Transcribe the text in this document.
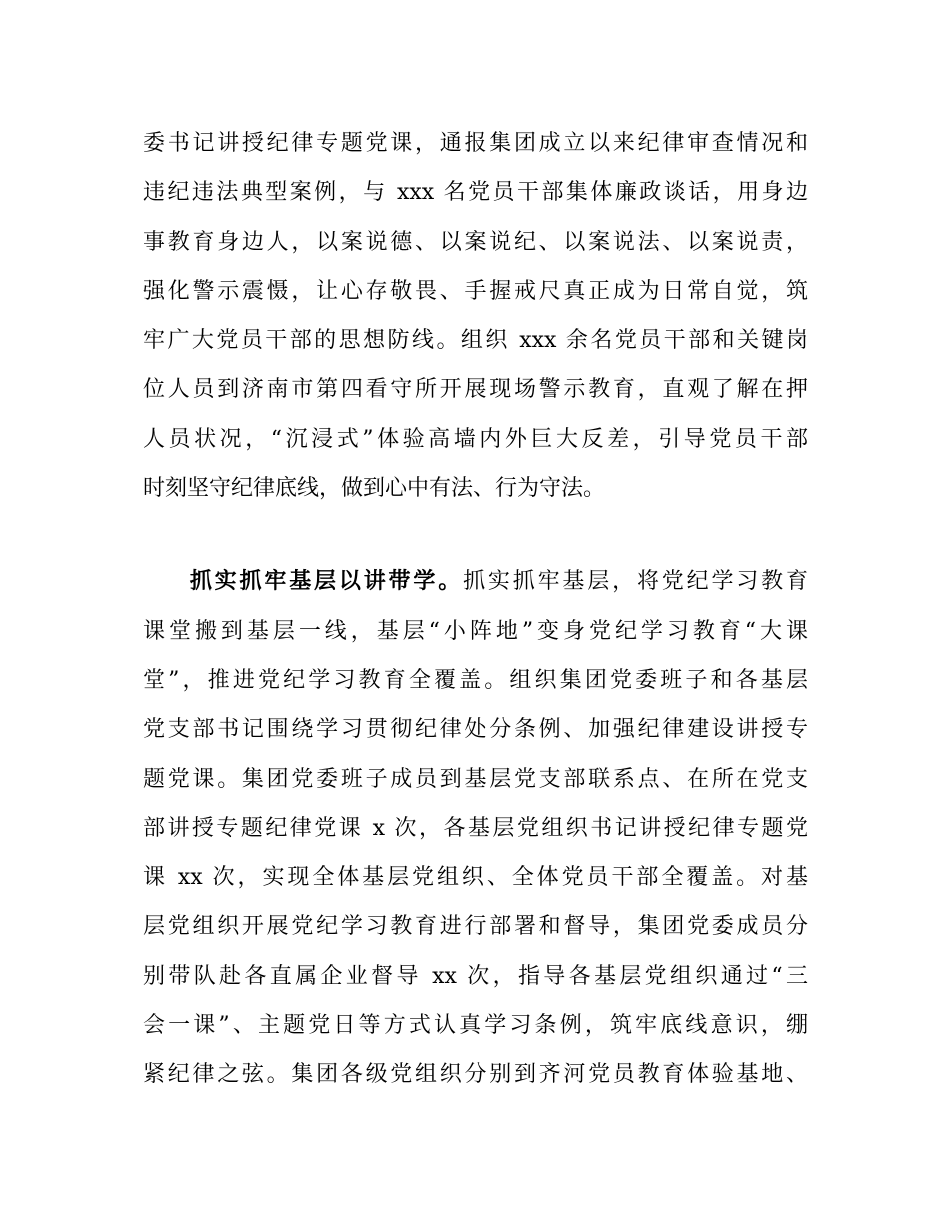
委书记讲授纪律专题党课，通报集团成立以来纪律审查情况和
违纪违法典型案例，与 xxx 名党员干部集体廉政谈话，用身边
事教育身边人，以案说德、以案说纪、以案说法、以案说责，
强化警示震慑，让心存敬畏、手握戒尺真正成为日常自觉，筑
牢广大党员干部的思想防线。组织 xxx 余名党员干部和关键岗
位人员到济南市第四看守所开展现场警示教育，直观了解在押
人员状况，“沉浸式”体验高墙内外巨大反差，引导党员干部
时刻坚守纪律底线，做到心中有法、行为守法。
抓实抓牢基层以讲带学。抓实抓牢基层，将党纪学习教育
课堂搬到基层一线，基层“小阵地”变身党纪学习教育“大课
堂”，推进党纪学习教育全覆盖。组织集团党委班子和各基层
党支部书记围绕学习贯彻纪律处分条例、加强纪律建设讲授专
题党课。集团党委班子成员到基层党支部联系点、在所在党支
部讲授专题纪律党课 x 次，各基层党组织书记讲授纪律专题党
课 xx 次，实现全体基层党组织、全体党员干部全覆盖。对基
层党组织开展党纪学习教育进行部署和督导，集团党委成员分
别带队赴各直属企业督导 xx 次，指导各基层党组织通过“三
会一课”、主题党日等方式认真学习条例，筑牢底线意识，绷
紧纪律之弦。集团各级党组织分别到齐河党员教育体验基地、
